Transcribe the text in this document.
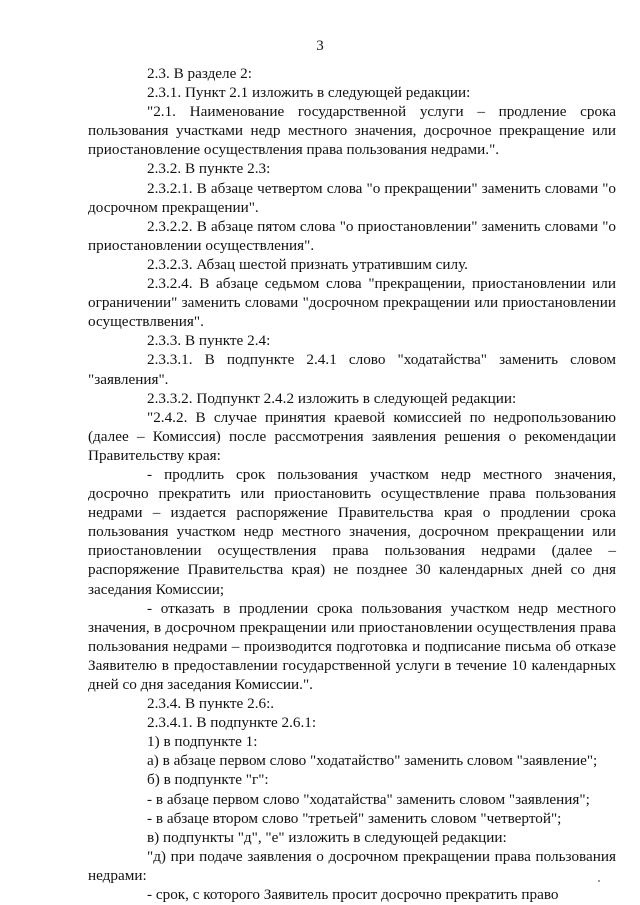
3

2.3. В разделе 2:

2.3.1. Пункт 2.1 изложить в следующей редакции:

"2.1. Наименование государственной услуги – продление срока пользования участками недр местного значения, досрочное прекращение или приостановление осуществления права пользования недрами.".

2.3.2. В пункте 2.3:

2.3.2.1. В абзаце четвертом слова "о прекращении" заменить словами "о досрочном прекращении".

2.3.2.2. В абзаце пятом слова "о приостановлении" заменить словами "о приостановлении осуществления".

2.3.2.3. Абзац шестой признать утратившим силу.

2.3.2.4. В абзаце седьмом слова "прекращении, приостановлении или ограничении" заменить словами "досрочном прекращении или приостановлении осуществлвения".

2.3.3. В пункте 2.4:

2.3.3.1. В подпункте 2.4.1 слово "ходатайства" заменить словом "заявления".

2.3.3.2. Подпункт 2.4.2 изложить в следующей редакции:

"2.4.2. В случае принятия краевой комиссией по недропользованию (далее – Комиссия) после рассмотрения заявления решения о рекомендации Правительству края:

- продлить срок пользования участком недр местного значения, досрочно прекратить или приостановить осуществление права пользования недрами – издается распоряжение Правительства края о продлении срока пользования участком недр местного значения, досрочном прекращении или приостановлении осуществления права пользования недрами (далее – распоряжение Правительства края) не позднее 30 календарных дней со дня заседания Комиссии;

- отказать в продлении срока пользования участком недр местного значения, в досрочном прекращении или приостановлении осуществления права пользования недрами – производится подготовка и подписание письма об отказе Заявителю в предоставлении государственной услуги в течение 10 календарных дней со дня заседания Комиссии.".

2.3.4. В пункте 2.6:.

2.3.4.1. В подпункте 2.6.1:

1) в подпункте 1:

а) в абзаце первом слово "ходатайство" заменить словом "заявление";

б) в подпункте "г":

- в абзаце первом слово "ходатайства" заменить словом "заявления";

- в абзаце втором слово "третьей" заменить словом "четвертой";

в) подпункты "д", "е" изложить в следующей редакции:

"д) при подаче заявления о досрочном прекращении права пользования недрами:

- срок, с которого Заявитель просит досрочно прекратить право
